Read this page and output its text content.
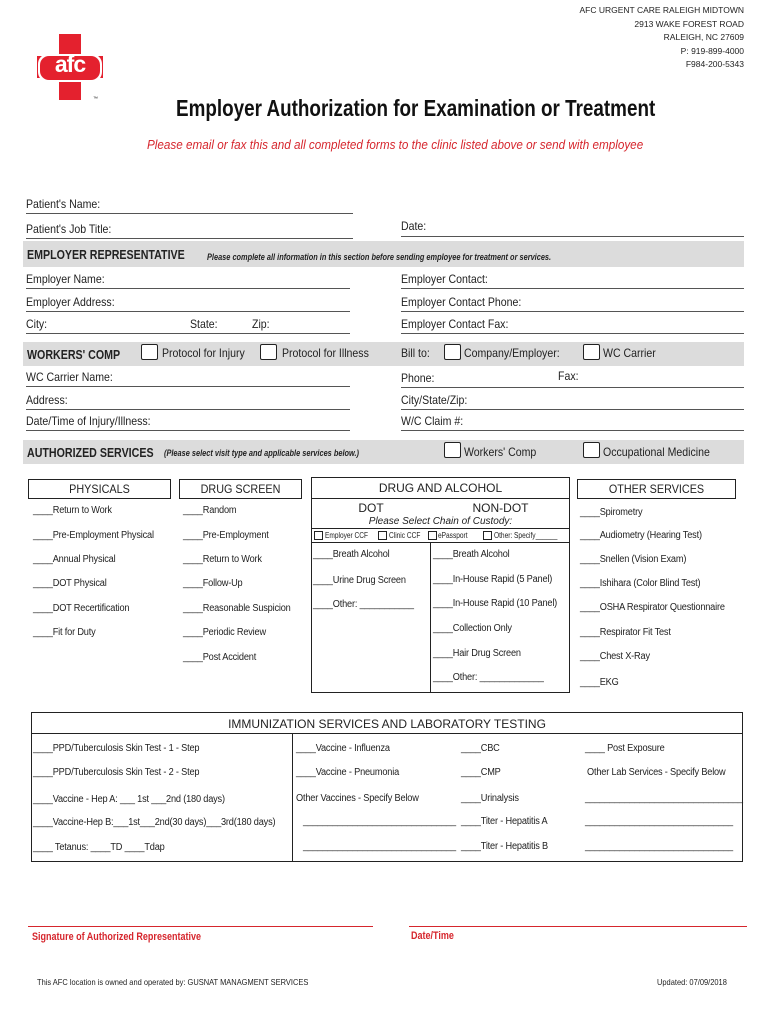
afc
™
AFC URGENT CARE RALEIGH MIDTOWN
2913 WAKE FOREST ROAD
RALEIGH, NC 27609
P: 919-899-4000
F984-200-5343
Employer Authorization for Examination or Treatment
Please email or fax this and all completed forms to the clinic listed above or send with employee
Patient's Name:
Patient's Job Title:	Date:
EMPLOYER REPRESENTATIVE Please complete all information in this section before sending employee for treatment or services.
Employer Name:
Employer Address:
City:	State:	Zip:
Employer Contact:
Employer Contact Phone:
Employer Contact Fax:
WORKERS' COMP	Protocol for Injury	Protocol for Illness	Bill to:	Company/Employer:	WC Carrier
WC Carrier Name:
Address:
Date/Time of Injury/Illness:
Phone:	Fax:
City/State/Zip:
W/C Claim #:
AUTHORIZED SERVICES (Please select visit type and applicable services below.)	Workers' Comp	Occupational Medicine
PHYSICALS
____Return to Work
____Pre-Employment Physical
____Annual Physical
____DOT Physical
____DOT Recertification
____Fit for Duty
DRUG SCREEN
____Random
____Pre-Employment
____Return to Work
____Follow-Up
____Reasonable Suspicion
____Periodic Review
____Post Accident
DRUG AND ALCOHOL
DOT	NON-DOT
Please Select Chain of Custody:
Employer CCF	Clinic CCF ePassport	Other: Specify______
____Breath Alcohol
____Urine Drug Screen
____Other: ___________
____Breath Alcohol
____In-House Rapid (5 Panel)
____In-House Rapid (10 Panel)
____Collection Only
____Hair Drug Screen
____Other: _____________
OTHER SERVICES
____Spirometry
____Audiometry (Hearing Test)
____Snellen (Vision Exam)
____Ishihara (Color Blind Test)
____OSHA Respirator Questionnaire
____Respirator Fit Test
____Chest X-Ray
____EKG
IMMUNIZATION SERVICES AND LABORATORY TESTING
____PPD/Tuberculosis Skin Test - 1 - Step
____PPD/Tuberculosis Skin Test - 2 - Step
____Vaccine - Hep A: ___ 1st ___2nd (180 days)
____Vaccine-Hep B:___1st___2nd(30 days)___3rd(180 days)
____ Tetanus: ____TD ____Tdap
____Vaccine - Influenza
____Vaccine - Pneumonia
Other Vaccines - Specify Below
_______________________________
_______________________________
____CBC
____CMP
____Urinalysis
____Titer - Hepatitis A
____Titer - Hepatitis B
____ Post Exposure
Other Lab Services - Specify Below
________________________________
______________________________
______________________________
Signature of Authorized Representative	Date/Time
This AFC location is owned and operated by: GUSNAT MANAGMENT SERVICES	Updated: 07/09/2018
